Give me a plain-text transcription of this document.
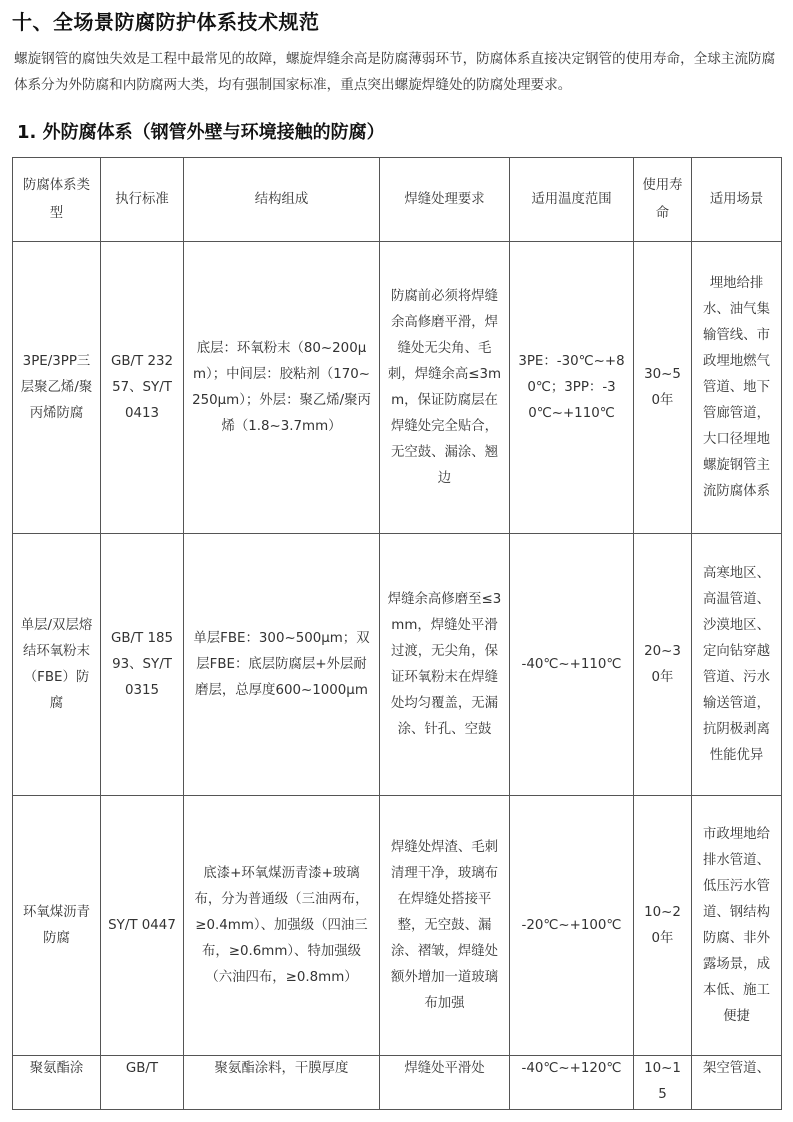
十、全场景防腐防护体系技术规范

螺旋钢管的腐蚀失效是工程中最常见的故障，螺旋焊缝余高是防腐薄弱环节，防腐体系直接决定钢管的使用寿命，全球主流防腐体系分为外防腐和内防腐两大类，均有强制国家标准，重点突出螺旋焊缝处的防腐处理要求。

1. 外防腐体系（钢管外壁与环境接触的防腐）
防腐体系类型	执行标准	结构组成	焊缝处理要求	适用温度范围	使用寿命	适用场景
3PE/3PP三层聚乙烯/聚丙烯防腐	GB/T 23257、SY/T 0413	底层：环氧粉末（80~200μm）；中间层：胶粘剂（170~250μm）；外层：聚乙烯/聚丙烯（1.8~3.7mm）	防腐前必须将焊缝余高修磨平滑，焊缝处无尖角、毛刺，焊缝余高≤3mm，保证防腐层在焊缝处完全贴合，无空鼓、漏涂、翘边	3PE：-30℃~+80℃；3PP：-30℃~+110℃	30~50年	埋地给排水、油气集输管线、市政埋地燃气管道、地下管廊管道，大口径埋地螺旋钢管主流防腐体系
单层/双层熔结环氧粉末（FBE）防腐	GB/T 18593、SY/T 0315	单层FBE：300~500μm；双层FBE：底层防腐层+外层耐磨层，总厚度600~1000μm	焊缝余高修磨至≤3mm，焊缝处平滑过渡，无尖角，保证环氧粉末在焊缝处均匀覆盖，无漏涂、针孔、空鼓	-40℃~+110℃	20~30年	高寒地区、高温管道、沙漠地区、定向钻穿越管道、污水输送管道，抗阴极剥离性能优异
环氧煤沥青防腐	SY/T 0447	底漆+环氧煤沥青漆+玻璃布，分为普通级（三油两布，≥0.4mm）、加强级（四油三布，≥0.6mm）、特加强级（六油四布，≥0.8mm）	焊缝处焊渣、毛刺清理干净，玻璃布在焊缝处搭接平整，无空鼓、漏涂、褶皱，焊缝处额外增加一道玻璃布加强	-20℃~+100℃	10~20年	市政埋地给排水管道、低压污水管道、钢结构防腐、非外露场景，成本低、施工便捷
聚氨酯涂	GB/T	聚氨酯涂料，干膜厚度	焊缝处平滑处	-40℃~+120℃	10~15	架空管道、
